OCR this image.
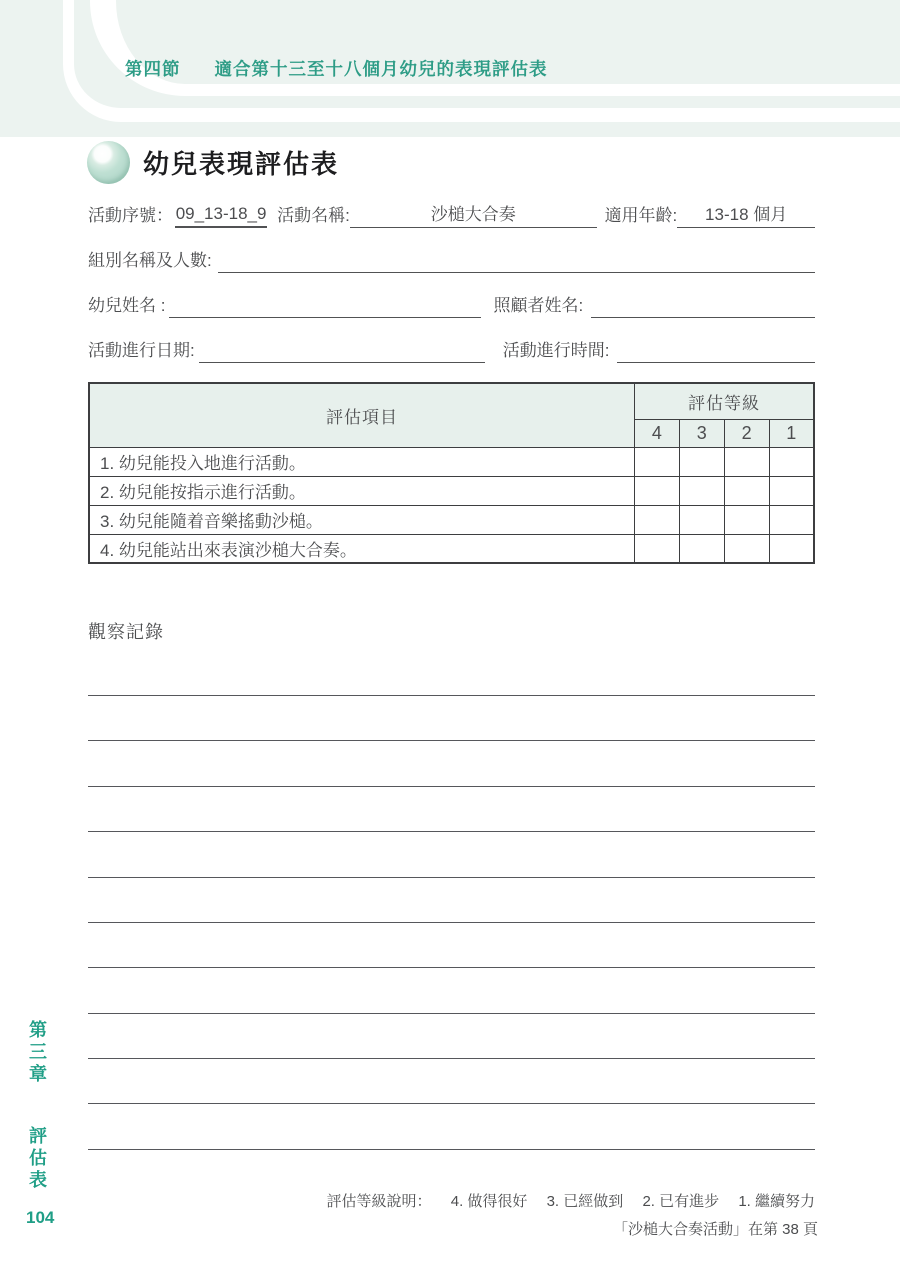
第四節 適合第十三至十八個月幼兒的表現評估表
幼兒表現評估表
活動序號： 09_13-18_9 活動名稱:	沙槌大合奏	適用年齡:	13-18 個月
組別名稱及人數:
幼兒姓名 :	照顧者姓名:
活動進行日期:	活動進行時間:
評估項目	評估等級			
	4	3	2	1
1. 幼兒能投入地進行活動。				
2. 幼兒能按指示進行活動。				
3. 幼兒能隨着音樂搖動沙槌。				
4. 幼兒能站出來表演沙槌大合奏。				
觀察記錄
第三章 評估表
104
評估等級說明： 4. 做得很好 3. 已經做到 2. 已有進步 1. 繼續努力
「沙槌大合奏活動」在第 38 頁
